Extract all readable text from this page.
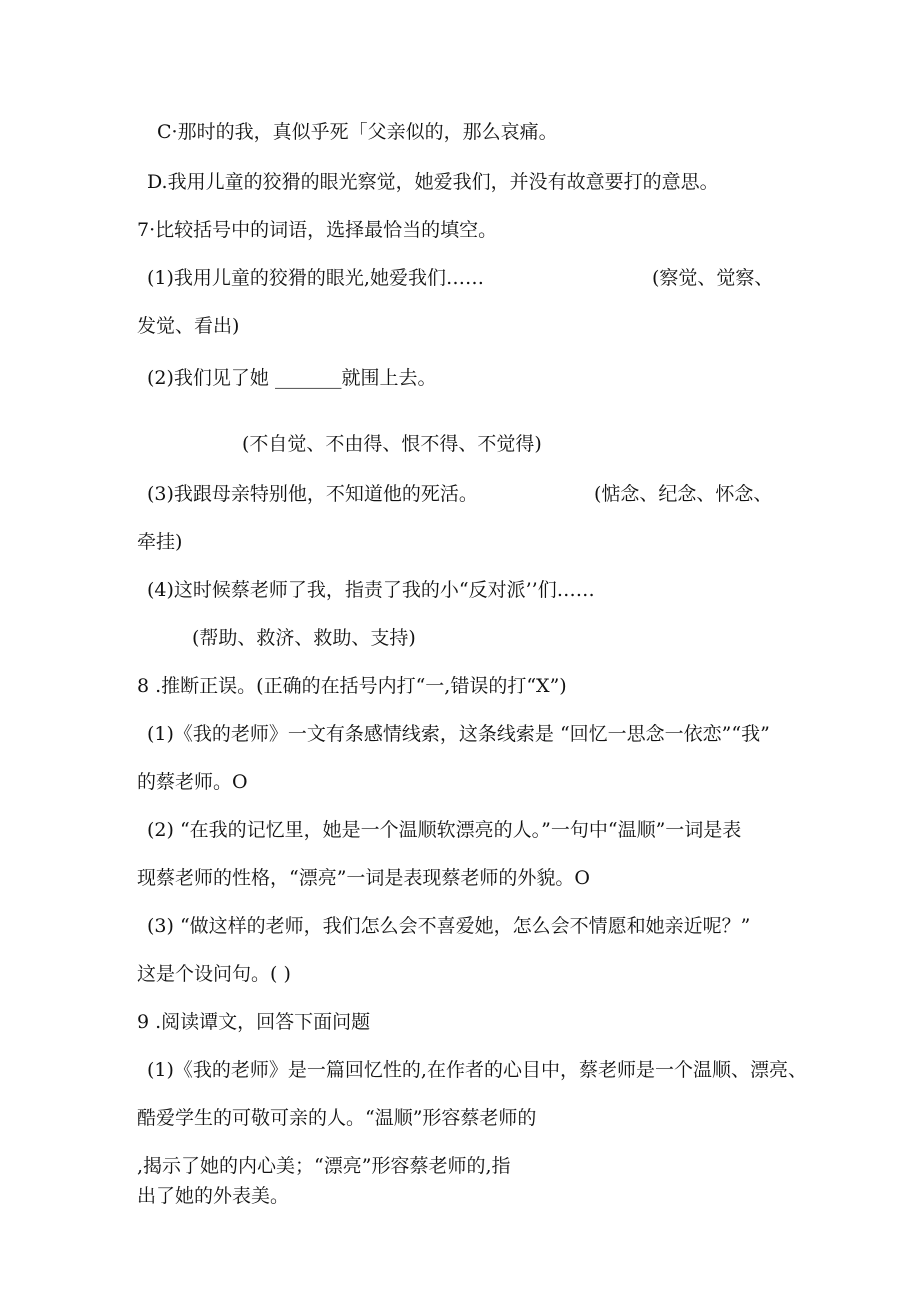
C·那时的我，真似乎死「父亲似的，那么哀痛。
D.我用儿童的狡猾的眼光察觉，她爱我们，并没有故意要打的意思。
7·比较括号中的词语，选择最恰当的填空。
(1)我用儿童的狡猾的眼光,她爱我们……	(察觉、觉察、
发觉、看出)
(2)我们见了她 _______就围上去。
(不自觉、不由得、恨不得、不觉得)
(3)我跟母亲特别他，不知道他的死活。	(惦念、纪念、怀念、
牵挂)
(4)这时候蔡老师了我，指责了我的小“反对派’’们……
(帮助、救济、救助、支持)
8 .推断正误。(正确的在括号内打“一,错误的打“X”)
(1)《我的老师》一文有条感情线索，这条线索是 “回忆一思念一依恋”“我”
的蔡老师。O
(2) “在我的记忆里，她是一个温顺软漂亮的人。”一句中“温顺”一词是表
现蔡老师的性格，“漂亮”一词是表现蔡老师的外貌。O
(3) “做这样的老师，我们怎么会不喜爱她，怎么会不情愿和她亲近呢？”
这是个设问句。( )
9 .阅读谭文，回答下面问题
(1)《我的老师》是一篇回忆性的,在作者的心目中，蔡老师是一个温顺、漂亮、
酷爱学生的可敬可亲的人。“温顺”形容蔡老师的
,揭示了她的内心美；“漂亮”形容蔡老师的,指
出了她的外表美。
